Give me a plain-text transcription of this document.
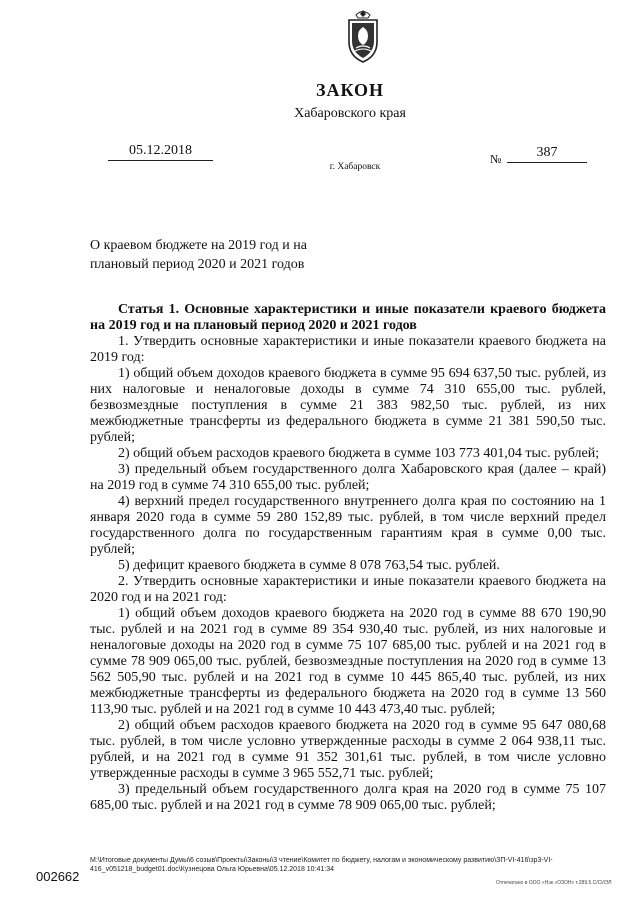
ЗАКОН
Хабаровского края
05.12.2018
№	387
г. Хабаровск
О краевом бюджете на 2019 год и на
плановый период 2020 и 2021 годов

Статья 1. Основные характеристики и иные показатели краевого бюджета на 2019 год и на плановый период 2020 и 2021 годов

1. Утвердить основные характеристики и иные показатели краевого бюджета на 2019 год:

1) общий объем доходов краевого бюджета в сумме 95 694 637,50 тыс. рублей, из них налоговые и неналоговые доходы в сумме 74 310 655,00 тыс. рублей, безвозмездные поступления в сумме 21 383 982,50 тыс. рублей, из них межбюджетные трансферты из федерального бюджета в сумме 21 381 590,50 тыс. рублей;

2) общий объем расходов краевого бюджета в сумме 103 773 401,04 тыс. рублей;

3) предельный объем государственного долга Хабаровского края (далее – край) на 2019 год в сумме 74 310 655,00 тыс. рублей;

4) верхний предел государственного внутреннего долга края по состоянию на 1 января 2020 года в сумме 59 280 152,89 тыс. рублей, в том числе верхний предел государственного долга по государственным гарантиям края в сумме 0,00 тыс. рублей;

5) дефицит краевого бюджета в сумме 8 078 763,54 тыс. рублей.

2. Утвердить основные характеристики и иные показатели краевого бюджета на 2020 год и на 2021 год:

1) общий объем доходов краевого бюджета на 2020 год в сумме 88 670 190,90 тыс. рублей и на 2021 год в сумме 89 354 930,40 тыс. рублей, из них налоговые и неналоговые доходы на 2020 год в сумме 75 107 685,00 тыс. рублей и на 2021 год в сумме 78 909 065,00 тыс. рублей, безвозмездные поступления на 2020 год в сумме 13 562 505,90 тыс. рублей и на 2021 год в сумме 10 445 865,40 тыс. рублей, из них межбюджетные трансферты из федерального бюджета на 2020 год в сумме 13 560 113,90 тыс. рублей и на 2021 год в сумме 10 443 473,40 тыс. рублей;

2) общий объем расходов краевого бюджета на 2020 год в сумме 95 647 080,68 тыс. рублей, в том числе условно утвержденные расходы в сумме 2 064 938,11 тыс. рублей, и на 2021 год в сумме 91 352 301,61 тыс. рублей, в том числе условно утвержденные расходы в сумме 3 965 552,71 тыс. рублей;

3) предельный объем государственного долга края на 2020 год в сумме 75 107 685,00 тыс. рублей и на 2021 год в сумме 78 909 065,00 тыс. рублей;

М:\Итоговые документы Думы\6 созыв\Проекты\Законы\3 чтение\Комитет по бюджету, налогам и экономическому развитию\ЗП-VI-416\зр3-VI-416_v051218_budget01.doc\Кузнецова Ольга Юрьевна\05.12.2018 10:41:34
002662	Отпечатано в ООО «Нэк «ОЗОН» т.289.5.С/СИЭЛ
